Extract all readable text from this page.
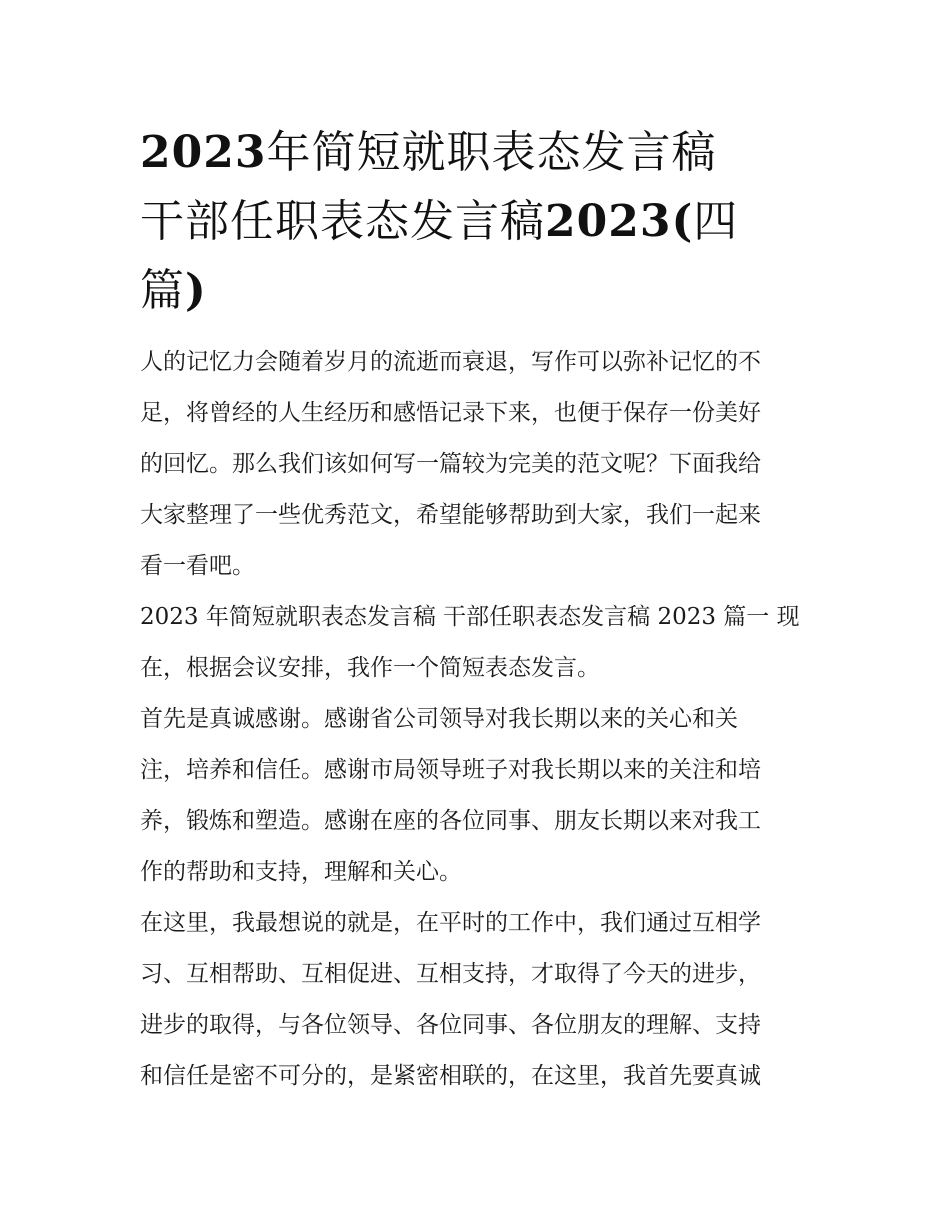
2023年简短就职表态发言稿
干部任职表态发言稿2023(四
篇)

人的记忆力会随着岁月的流逝而衰退，写作可以弥补记忆的不
足，将曾经的人生经历和感悟记录下来，也便于保存一份美好
的回忆。那么我们该如何写一篇较为完美的范文呢？下面我给
大家整理了一些优秀范文，希望能够帮助到大家，我们一起来
看一看吧。

2023 年简短就职表态发言稿 干部任职表态发言稿 2023 篇一 现
在，根据会议安排，我作一个简短表态发言。

首先是真诚感谢。感谢省公司领导对我长期以来的关心和关
注，培养和信任。感谢市局领导班子对我长期以来的关注和培
养，锻炼和塑造。感谢在座的各位同事、朋友长期以来对我工
作的帮助和支持，理解和关心。

在这里，我最想说的就是，在平时的工作中，我们通过互相学
习、互相帮助、互相促进、互相支持，才取得了今天的进步，
进步的取得，与各位领导、各位同事、各位朋友的理解、支持
和信任是密不可分的，是紧密相联的，在这里，我首先要真诚
